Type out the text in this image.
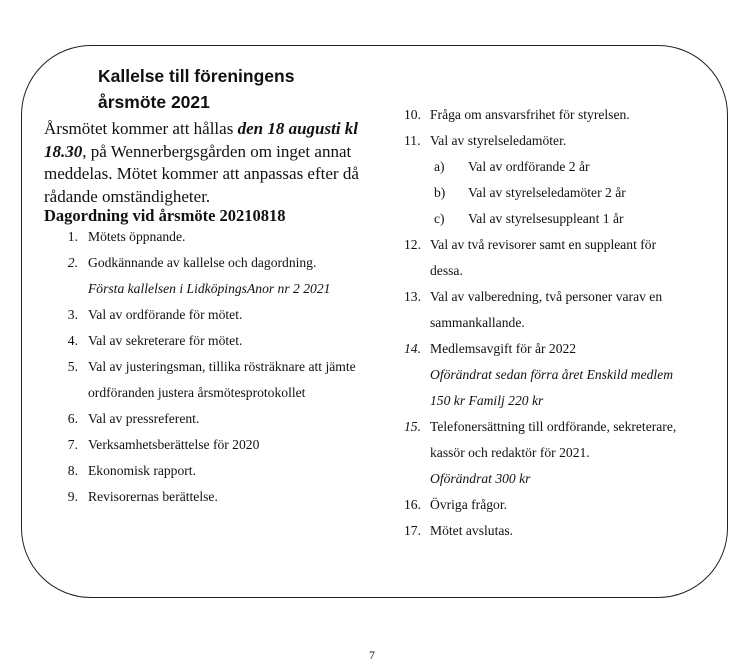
Kallelse till föreningens
årsmöte 2021

Årsmötet kommer att hållas den 18 augusti kl 18.30, på Wennerbergsgården om inget annat meddelas. Mötet kommer att anpassas efter då rådande omständigheter.

Dagordning vid årsmöte 20210818
1. Mötets öppnande.
2. Godkännande av kallelse och dagordning.
Första kallelsen i LidköpingsAnor nr 2 2021
3. Val av ordförande för mötet.
4. Val av sekreterare för mötet.
5. Val av justeringsman, tillika rösträknare att jämte ordföranden justera årsmötesprotokollet
6. Val av pressreferent.
7. Verksamhetsberättelse för 2020
8. Ekonomisk rapport.
9. Revisorernas berättelse.
10. Fråga om ansvarsfrihet för styrelsen.
11. Val av styrelseledamöter.
a)	Val av ordförande 2 år
b)	Val av styrelseledamöter 2 år
c)	Val av styrelsesuppleant 1 år
12. Val av två revisorer samt en suppleant för
dessa.
13. Val av valberedning, två personer varav en
sammankallande.
14. Medlemsavgift för år 2022
Oförändrat sedan förra året Enskild medlem
150 kr Familj 220 kr
15. Telefonersättning till ordförande, sekreterare,
kassör och redaktör för 2021.
Oförändrat 300 kr
16. Övriga frågor.
17. Mötet avslutas.
7
